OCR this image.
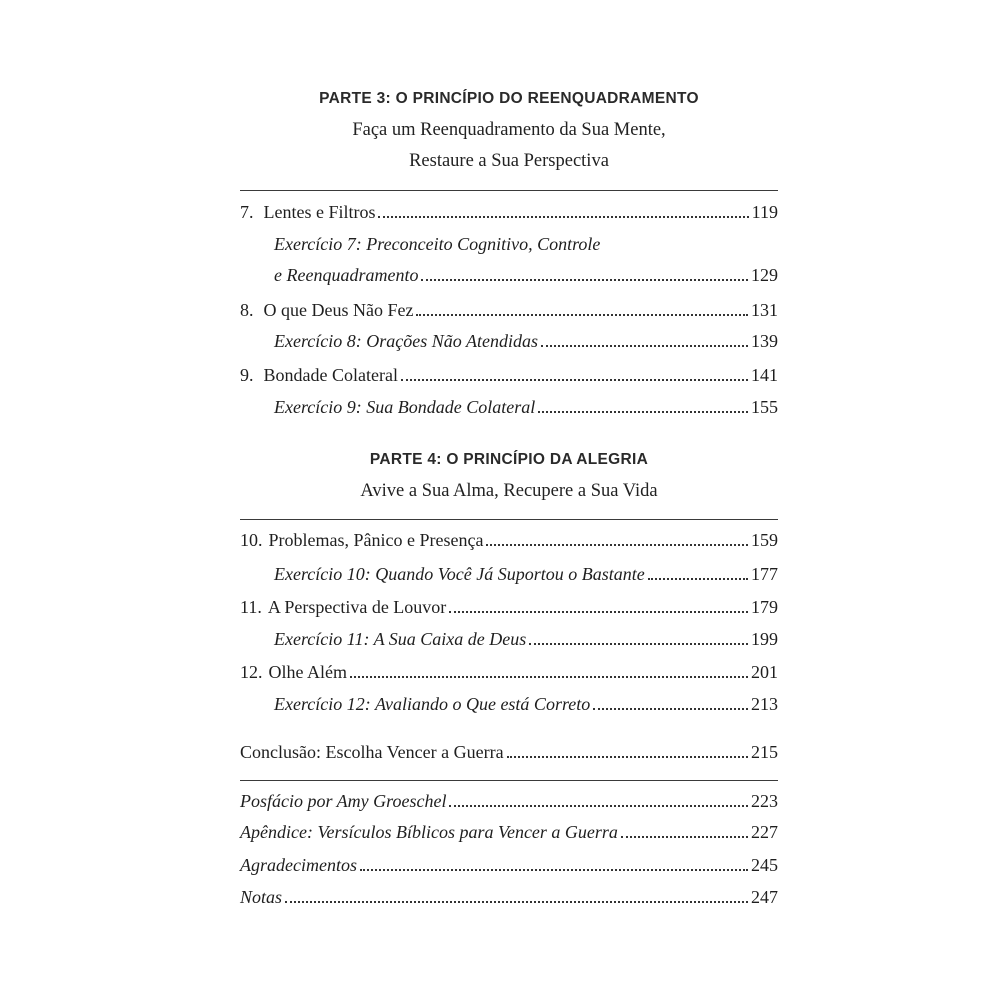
PARTE 3: O PRINCÍPIO DO REENQUADRAMENTO
Faça um Reenquadramento da Sua Mente,
Restaure a Sua Perspectiva
7. Lentes e Filtros	119
Exercício 7: Preconceito Cognitivo, Controle
e Reenquadramento	129
8. O que Deus Não Fez	131
Exercício 8: Orações Não Atendidas	139
9. Bondade Colateral	141
Exercício 9: Sua Bondade Colateral	155
PARTE 4: O PRINCÍPIO DA ALEGRIA
Avive a Sua Alma, Recupere a Sua Vida
10. Problemas, Pânico e Presença	159
Exercício 10: Quando Você Já Suportou o Bastante	177
11. A Perspectiva de Louvor	179
Exercício 11: A Sua Caixa de Deus	199
12. Olhe Além	201
Exercício 12: Avaliando o Que está Correto	213
Conclusão: Escolha Vencer a Guerra	215
Posfácio por Amy Groeschel	223
Apêndice: Versículos Bíblicos para Vencer a Guerra	227
Agradecimentos	245
Notas	247
